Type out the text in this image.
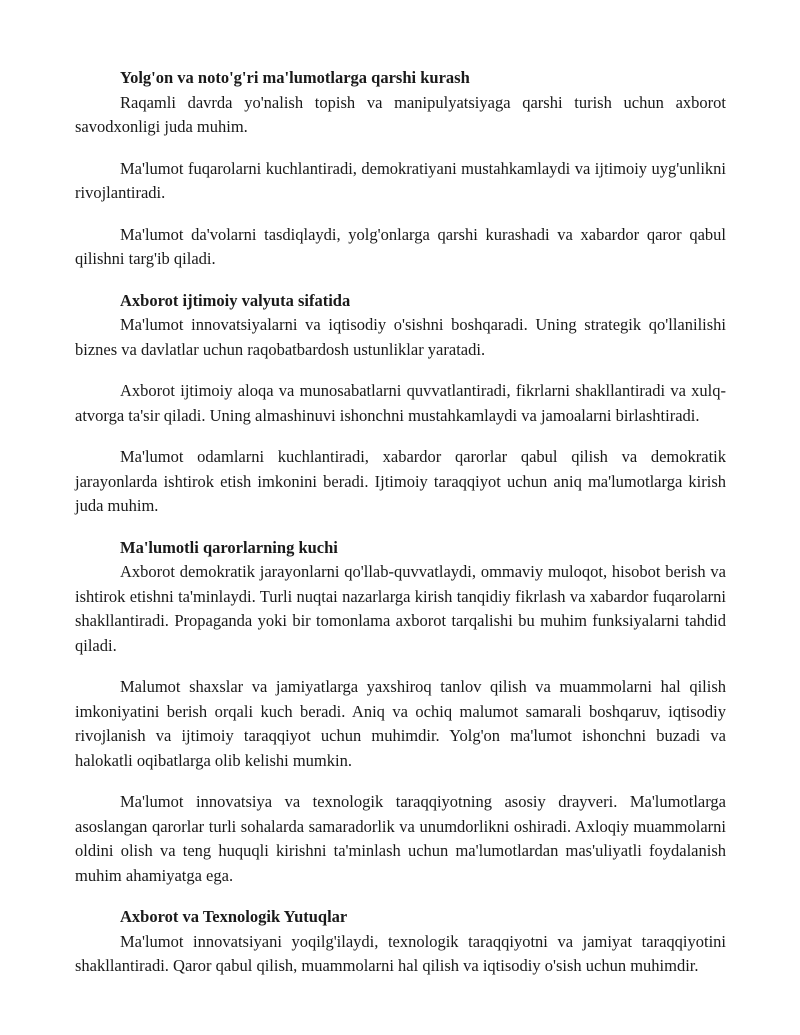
Yolg'on va noto'g'ri ma'lumotlarga qarshi kurash

Raqamli davrda yo'nalish topish va manipulyatsiyaga qarshi turish uchun axborot savodxonligi juda muhim.

Ma'lumot fuqarolarni kuchlantiradi, demokratiyani mustahkamlaydi va ijtimoiy uyg'unlikni rivojlantiradi.

Ma'lumot da'volarni tasdiqlaydi, yolg'onlarga qarshi kurashadi va xabardor qaror qabul qilishni targ'ib qiladi.

Axborot ijtimoiy valyuta sifatida

Ma'lumot innovatsiyalarni va iqtisodiy o'sishni boshqaradi. Uning strategik qo'llanilishi biznes va davlatlar uchun raqobatbardosh ustunliklar yaratadi.

Axborot ijtimoiy aloqa va munosabatlarni quvvatlantiradi, fikrlarni shakllantiradi va xulq-atvorga ta'sir qiladi. Uning almashinuvi ishonchni mustahkamlaydi va jamoalarni birlashtiradi.

Ma'lumot odamlarni kuchlantiradi, xabardor qarorlar qabul qilish va demokratik jarayonlarda ishtirok etish imkonini beradi. Ijtimoiy taraqqiyot uchun aniq ma'lumotlarga kirish juda muhim.

Ma'lumotli qarorlarning kuchi

Axborot demokratik jarayonlarni qo'llab-quvvatlaydi, ommaviy muloqot, hisobot berish va ishtirok etishni ta'minlaydi. Turli nuqtai nazarlarga kirish tanqidiy fikrlash va xabardor fuqarolarni shakllantiradi. Propaganda yoki bir tomonlama axborot tarqalishi bu muhim funksiyalarni tahdid qiladi.

Malumot shaxslar va jamiyatlarga yaxshiroq tanlov qilish va muammolarni hal qilish imkoniyatini berish orqali kuch beradi. Aniq va ochiq malumot samarali boshqaruv, iqtisodiy rivojlanish va ijtimoiy taraqqiyot uchun muhimdir. Yolg'on ma'lumot ishonchni buzadi va halokatli oqibatlarga olib kelishi mumkin.

Ma'lumot innovatsiya va texnologik taraqqiyotning asosiy drayveri. Ma'lumotlarga asoslangan qarorlar turli sohalarda samaradorlik va unumdorlikni oshiradi. Axloqiy muammolarni oldini olish va teng huquqli kirishni ta'minlash uchun ma'lumotlardan mas'uliyatli foydalanish muhim ahamiyatga ega.

Axborot va Texnologik Yutuqlar

Ma'lumot innovatsiyani yoqilg'ilaydi, texnologik taraqqiyotni va jamiyat taraqqiyotini shakllantiradi. Qaror qabul qilish, muammolarni hal qilish va iqtisodiy o'sish uchun muhimdir.
